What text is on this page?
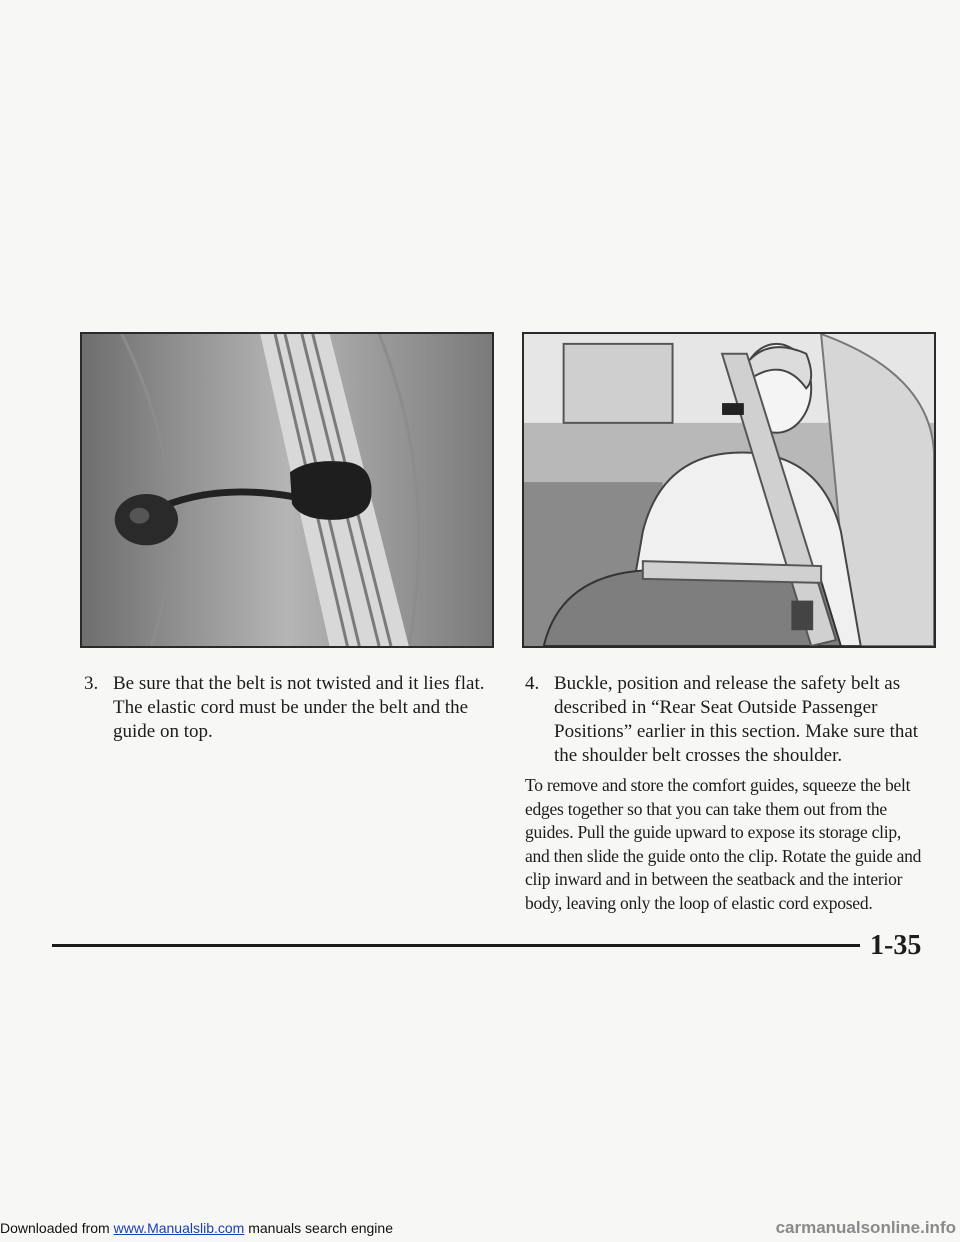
3. Be sure that the belt is not twisted and it lies flat. The elastic cord must be under the belt and the guide on top.
4. Buckle, position and release the safety belt as described in “Rear Seat Outside Passenger Positions” earlier in this section. Make sure that the shoulder belt crosses the shoulder.

To remove and store the comfort guides, squeeze the belt edges together so that you can take them out from the guides. Pull the guide upward to expose its storage clip, and then slide the guide onto the clip. Rotate the guide and clip inward and in between the seatback and the interior body, leaving only the loop of elastic cord exposed.

1-35
Downloaded from www.Manualslib.com manuals search engine	carmanualsonline.info
